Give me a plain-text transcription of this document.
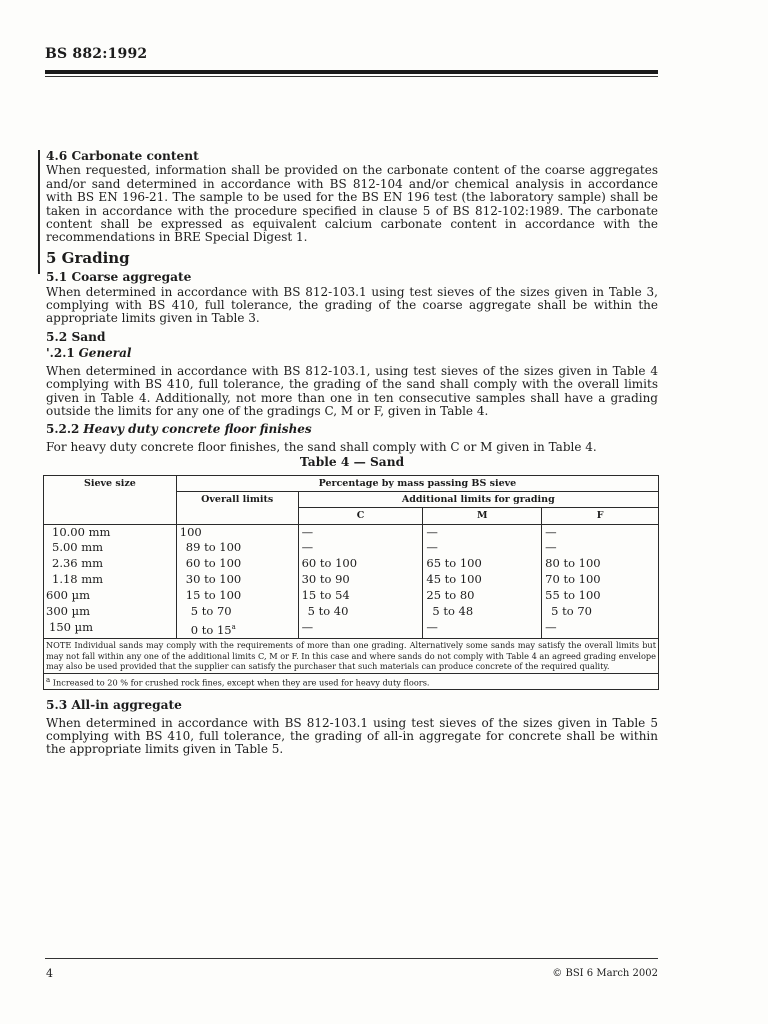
BS 882:1992
4.6 Carbonate content

When requested, information shall be provided on the carbonate content of the coarse aggregates and/or sand determined in accordance with BS 812-104 and/or chemical analysis in accordance with BS EN 196-21. The sample to be used for the BS EN 196 test (the laboratory sample) shall be taken in accordance with the procedure specified in clause 5 of BS 812-102:1989. The carbonate content shall be expressed as equivalent calcium carbonate content in accordance with the recommendations in BRE Special Digest 1.

5 Grading
5.1 Coarse aggregate

When determined in accordance with BS 812-103.1 using test sieves of the sizes given in Table 3, complying with BS 410, full tolerance, the grading of the coarse aggregate shall be within the appropriate limits given in Table 3.

5.2 Sand
'.2.1 General

When determined in accordance with BS 812-103.1, using test sieves of the sizes given in Table 4 complying with BS 410, full tolerance, the grading of the sand shall comply with the overall limits given in Table 4. Additionally, not more than one in ten consecutive samples shall have a grading outside the limits for any one of the gradings C, M or F, given in Table 4.

5.2.2 Heavy duty concrete floor finishes

For heavy duty concrete floor finishes, the sand shall comply with C or M given in Table 4.

Table 4 — Sand
Sieve size	Percentage by mass passing BS sieve			
	Overall limits	Additional limits for grading		
		C	M	F
10.00 mm	100	—	—	—
5.00 mm	89 to 100	—	—	—
2.36 mm	60 to 100	60 to 100	65 to 100	80 to 100
1.18 mm	30 to 100	30 to 90	45 to 100	70 to 100
600 µm	15 to 100	15 to 54	25 to 80	55 to 100
300 µm	5 to 70	5 to 40	5 to 48	5 to 70
150 µm	0 to 15$^a$	—	—	—
NOTE Individual sands may comply with the requirements of more than one grading. Alternatively some sands may satisfy the overall limits but may not fall within any one of the additional limits C, M or F. In this case and where sands do not comply with Table 4 an agreed grading envelope may also be used provided that the supplier can satisfy the purchaser that such materials can produce concrete of the required quality.				
$^a$ Increased to 20 % for crushed rock fines, except when they are used for heavy duty floors.				
5.3 All-in aggregate

When determined in accordance with BS 812-103.1 using test sieves of the sizes given in Table 5 complying with BS 410, full tolerance, the grading of all-in aggregate for concrete shall be within the appropriate limits given in Table 5.

4	© BSI 6 March 2002
